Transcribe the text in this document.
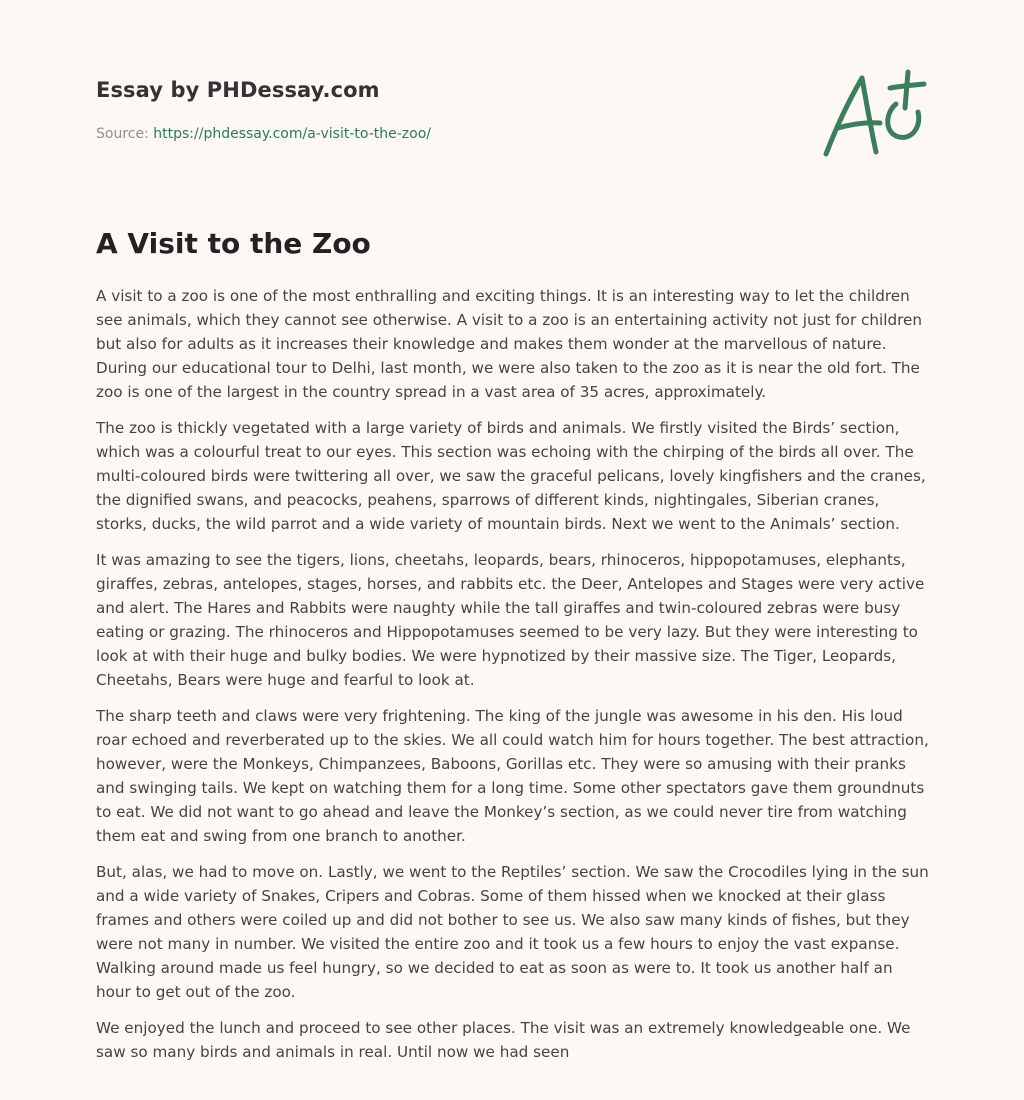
Essay by PHDessay.com
Source: https://phdessay.com/a-visit-to-the-zoo/
A Visit to the Zoo

A visit to a zoo is one of the most enthralling and exciting things. It is an interesting way to let the children see animals, which they cannot see otherwise. A visit to a zoo is an entertaining activity not just for children but also for adults as it increases their knowledge and makes them wonder at the marvellous of nature. During our educational tour to Delhi, last month, we were also taken to the zoo as it is near the old fort. The zoo is one of the largest in the country spread in a vast area of 35 acres, approximately.

The zoo is thickly vegetated with a large variety of birds and animals. We firstly visited the Birds’ section, which was a colourful treat to our eyes. This section was echoing with the chirping of the birds all over. The multi-coloured birds were twittering all over, we saw the graceful pelicans, lovely kingfishers and the cranes, the dignified swans, and peacocks, peahens, sparrows of different kinds, nightingales, Siberian cranes, storks, ducks, the wild parrot and a wide variety of mountain birds. Next we went to the Animals’ section.

It was amazing to see the tigers, lions, cheetahs, leopards, bears, rhinoceros, hippopotamuses, elephants, giraffes, zebras, antelopes, stages, horses, and rabbits etc. the Deer, Antelopes and Stages were very active and alert. The Hares and Rabbits were naughty while the tall giraffes and twin-coloured zebras were busy eating or grazing. The rhinoceros and Hippopotamuses seemed to be very lazy. But they were interesting to look at with their huge and bulky bodies. We were hypnotized by their massive size. The Tiger, Leopards, Cheetahs, Bears were huge and fearful to look at.

The sharp teeth and claws were very frightening. The king of the jungle was awesome in his den. His loud roar echoed and reverberated up to the skies. We all could watch him for hours together. The best attraction, however, were the Monkeys, Chimpanzees, Baboons, Gorillas etc. They were so amusing with their pranks and swinging tails. We kept on watching them for a long time. Some other spectators gave them groundnuts to eat. We did not want to go ahead and leave the Monkey’s section, as we could never tire from watching them eat and swing from one branch to another.

But, alas, we had to move on. Lastly, we went to the Reptiles’ section. We saw the Crocodiles lying in the sun and a wide variety of Snakes, Cripers and Cobras. Some of them hissed when we knocked at their glass frames and others were coiled up and did not bother to see us. We also saw many kinds of fishes, but they were not many in number. We visited the entire zoo and it took us a few hours to enjoy the vast expanse. Walking around made us feel hungry, so we decided to eat as soon as were to. It took us another half an hour to get out of the zoo.

We enjoyed the lunch and proceed to see other places. The visit was an extremely knowledgeable one. We saw so many birds and animals in real. Until now we had seen
